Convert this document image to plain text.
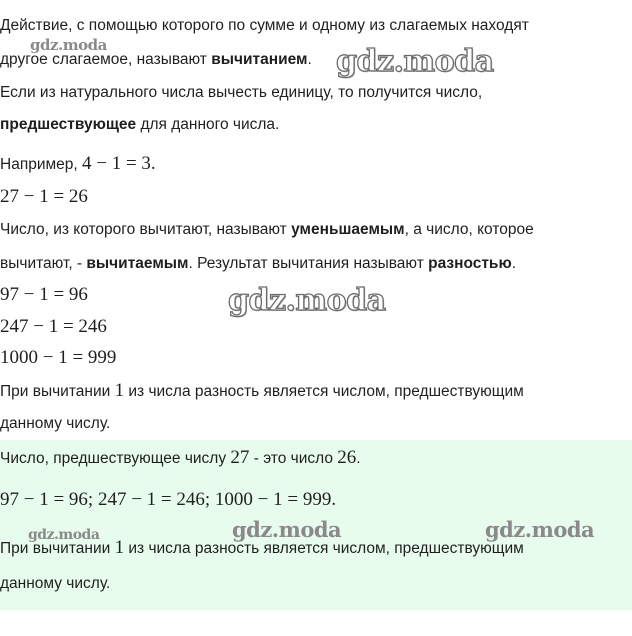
Действие, с помощью которого по сумме и одному из слагаемых находят
другое слагаемое, называют вычитанием.
Если из натурального числа вычесть единицу, то получится число,
предшествующее для данного числа.
Например, 4 − 1 = 3.
27 − 1 = 26
Число, из которого вычитают, называют уменьшаемым, а число, которое
вычитают, - вычитаемым. Результат вычитания называют разностью.
97 − 1 = 96
247 − 1 = 246
1000 − 1 = 999
При вычитании 1 из числа разность является числом, предшествующим
данному числу.
Число, предшествующее числу 27 - это число 26.
97 − 1 = 96; 247 − 1 = 246; 1000 − 1 = 999.
При вычитании 1 из числа разность является числом, предшествующим
данному числу.
gdz.moda	gdz.moda
gdz.moda
gdz.moda	gdz.moda	gdz.moda
